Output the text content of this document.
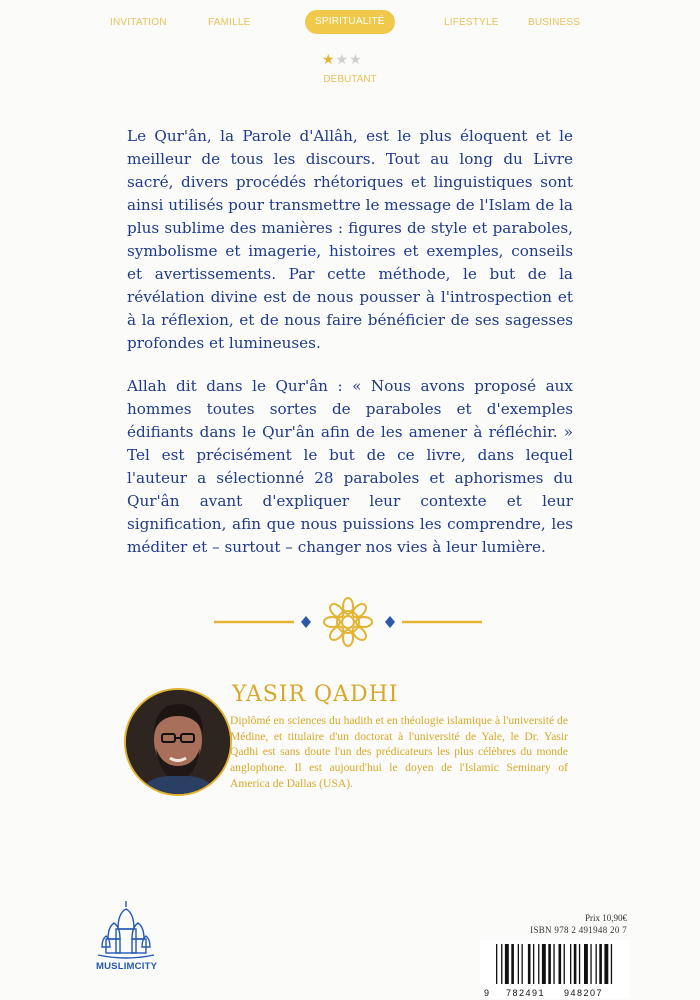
INVITATION	FAMILLE	SPIRITUALITÉ	LIFESTYLE	BUSINESS
★★★
DÉBUTANT
Le Qur'ân, la Parole d'Allâh, est le plus éloquent et le meilleur de tous les discours. Tout au long du Livre sacré, divers procédés rhétoriques et linguistiques sont ainsi utilisés pour transmettre le message de l'Islam de la plus sublime des manières : figures de style et paraboles, symbolisme et imagerie, histoires et exemples, conseils et avertissements. Par cette méthode, le but de la révélation divine est de nous pousser à l'introspection et à la réflexion, et de nous faire bénéficier de ses sagesses profondes et lumineuses.
Allah dit dans le Qur'ân : « Nous avons proposé aux hommes toutes sortes de paraboles et d'exemples édifiants dans le Qur'ân afin de les amener à réfléchir. » Tel est précisément le but de ce livre, dans lequel l'auteur a sélectionné 28 paraboles et aphorismes du Qur'ân avant d'expliquer leur contexte et leur signification, afin que nous puissions les comprendre, les méditer et – surtout – changer nos vies à leur lumière.
YASIR QADHI
Diplômé en sciences du hadith et en théologie islamique à l'université de Médine, et titulaire d'un doctorat à l'université de Yale, le Dr. Yasir Qadhi est sans doute l'un des prédicateurs les plus célèbres du monde anglophone. Il est aujourd'hui le doyen de l'Islamic Seminary of America de Dallas (USA).
MUSLIMCITY
Prix 10,90€
ISBN 978 2 491948 20 7
9 782491 948207
